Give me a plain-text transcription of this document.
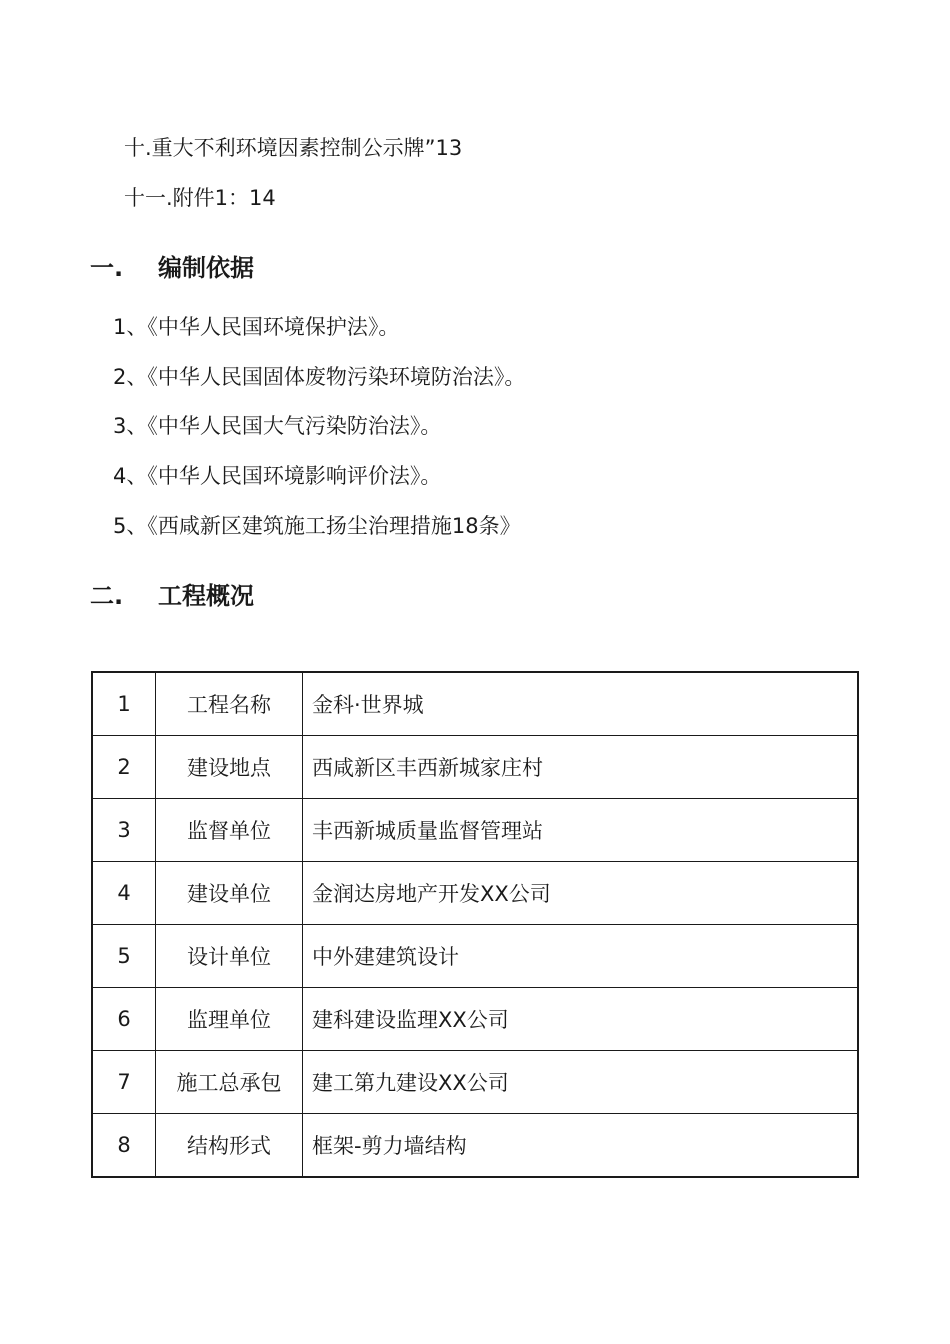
十.重大不利环境因素控制公示牌”13
十一.附件1：14
一. 编制依据
1、《中华人民国环境保护法》。
2、《中华人民国固体废物污染环境防治法》。
3、《中华人民国大气污染防治法》。
4、《中华人民国环境影响评价法》。
5、《西咸新区建筑施工扬尘治理措施18条》
二. 工程概况
1	工程名称	金科·世界城
2	建设地点	西咸新区丰西新城家庄村
3	监督单位	丰西新城质量监督管理站
4	建设单位	金润达房地产开发XX公司
5	设计单位	中外建建筑设计
6	监理单位	建科建设监理XX公司
7	施工总承包	建工第九建设XX公司
8	结构形式	框架-剪力墙结构
